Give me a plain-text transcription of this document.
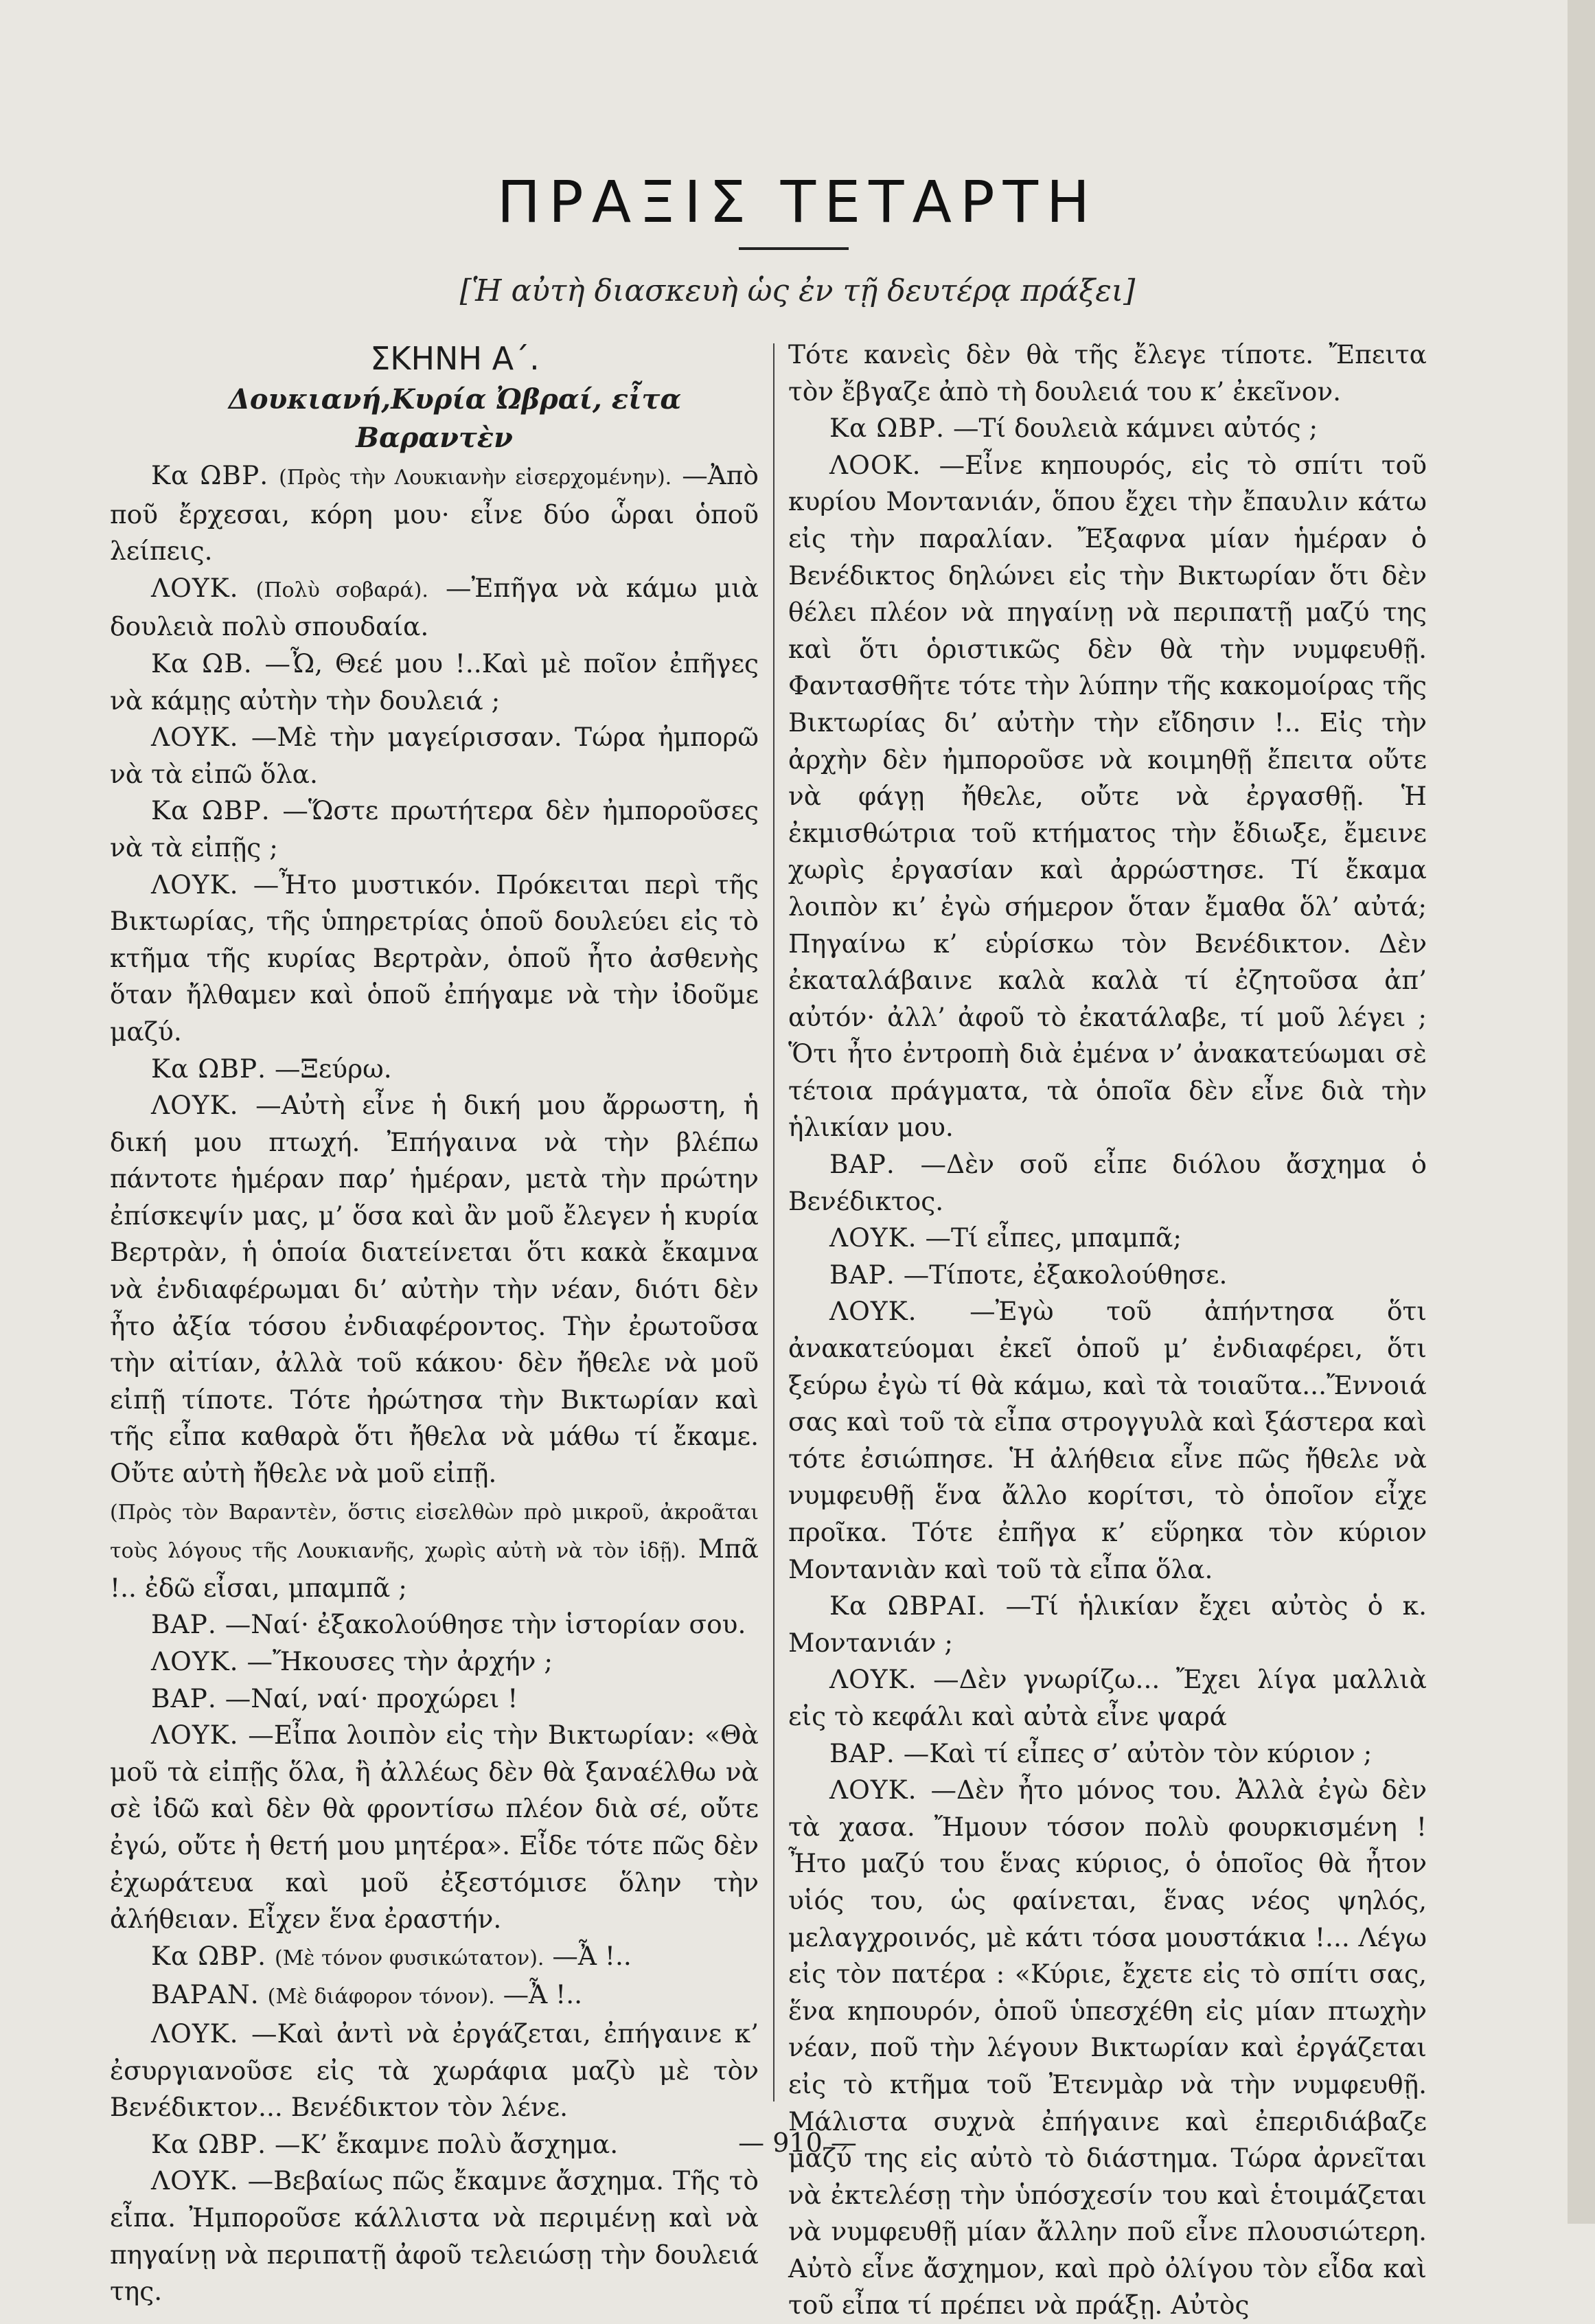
ΠΡΑΞΙΣ ΤΕΤΑΡΤΗ
[Ἡ αὐτὴ διασκευὴ ὡς ἐν τῇ δευτέρᾳ πράξει]

ΣΚΗΝΗ Α΄.

Δουκιανή,Κυρία Ὠβραί, εἶτα Βαραντὲν

Κα ΩΒΡ. (Πρὸς τὴν Λουκιανὴν εἰσερχομένην). —Ἀπὸ ποῦ ἔρχεσαι, κόρη μου· εἶνε δύο ὧραι ὁποῦ λείπεις.

ΛΟΥΚ. (Πολὺ σοβαρά). —Ἐπῆγα νὰ κάμω μιὰ δουλειὰ πολὺ σπουδαία.

Κα ΩΒ. —Ὦ, Θεέ μου !..Καὶ μὲ ποῖον ἐπῆγες νὰ κάμῃς αὐτὴν τὴν δουλειά ;

ΛΟΥΚ. —Μὲ τὴν μαγείρισσαν. Τώρα ἠμπορῶ νὰ τὰ εἰπῶ ὅλα.

Κα ΩΒΡ. —Ὥστε πρωτήτερα δὲν ἠμποροῦσες νὰ τὰ εἰπῇς ;

ΛΟΥΚ. —Ἦτο μυστικόν. Πρόκειται περὶ τῆς Βικτωρίας, τῆς ὑπηρετρίας ὁποῦ δουλεύει εἰς τὸ κτῆμα τῆς κυρίας Βερτρὰν, ὁποῦ ἦτο ἀσθενὴς ὅταν ἤλθαμεν καὶ ὁποῦ ἐπήγαμε νὰ τὴν ἰδοῦμε μαζύ.

Κα ΩΒΡ. —Ξεύρω.

ΛΟΥΚ. —Αὐτὴ εἶνε ἡ δική μου ἄρρωστη, ἡ δική μου πτωχή. Ἐπήγαινα νὰ τὴν βλέπω πάντοτε ἡμέραν παρ’ ἡμέραν, μετὰ τὴν πρώτην ἐπίσκεψίν μας, μ’ ὅσα καὶ ἂν μοῦ ἔλεγεν ἡ κυρία Βερτρὰν, ἡ ὁποία διατείνεται ὅτι κακὰ ἔκαμνα νὰ ἐνδιαφέρωμαι δι’ αὐτὴν τὴν νέαν, διότι δὲν ἦτο ἀξία τόσου ἐνδιαφέροντος. Τὴν ἐρωτοῦσα τὴν αἰτίαν, ἀλλὰ τοῦ κάκου· δὲν ἤθελε νὰ μοῦ εἰπῇ τίποτε. Τότε ἠρώτησα τὴν Βικτωρίαν καὶ τῆς εἶπα καθαρὰ ὅτι ἤθελα νὰ μάθω τί ἔκαμε. Οὔτε αὐτὴ ἤθελε νὰ μοῦ εἰπῇ.

(Πρὸς τὸν Βαραντὲν, ὅστις εἰσελθὼν πρὸ μικροῦ, ἀκροᾶται τοὺς λόγους τῆς Λουκιανῆς, χωρὶς αὐτὴ νὰ τὸν ἰδῇ). Μπᾶ !.. ἐδῶ εἶσαι, μπαμπᾶ ;

ΒΑΡ. —Ναί· ἐξακολούθησε τὴν ἱστορίαν σου.

ΛΟΥΚ. —Ἤκουσες τὴν ἀρχήν ;

ΒΑΡ. —Ναί, ναί· προχώρει !

ΛΟΥΚ. —Εἶπα λοιπὸν εἰς τὴν Βικτωρίαν: «Θὰ μοῦ τὰ εἰπῇς ὅλα, ἢ ἀλλέως δὲν θὰ ξαναέλθω νὰ σὲ ἰδῶ καὶ δὲν θὰ φροντίσω πλέον διὰ σέ, οὔτε ἐγώ, οὔτε ἡ θετή μου μητέρα». Εἶδε τότε πῶς δὲν ἐχωράτευα καὶ μοῦ ἐξεστόμισε ὅλην τὴν ἀλήθειαν. Εἶχεν ἕνα ἐραστήν.

Κα ΩΒΡ. (Μὲ τόνον φυσικώτατον). —Ἆ !..

ΒΑΡΑΝ. (Μὲ διάφορον τόνον). —Ἆ !..

ΛΟΥΚ. —Καὶ ἀντὶ νὰ ἐργάζεται, ἐπήγαινε κ’ ἐσυργιανοῦσε εἰς τὰ χωράφια μαζὺ μὲ τὸν Βενέδικτον... Βενέδικτον τὸν λένε.

Κα ΩΒΡ. —Κ’ ἔκαμνε πολὺ ἄσχημα.

ΛΟΥΚ. —Βεβαίως πῶς ἔκαμνε ἄσχημα. Τῆς τὸ εἶπα. Ἠμποροῦσε κάλλιστα νὰ περιμένῃ καὶ νὰ πηγαίνῃ νὰ περιπατῇ ἀφοῦ τελειώσῃ τὴν δουλειά της.

Τότε κανεὶς δὲν θὰ τῆς ἔλεγε τίποτε. Ἔπειτα τὸν ἔβγαζε ἀπὸ τὴ δουλειά του κ’ ἐκεῖνον.

Κα ΩΒΡ. —Τί δουλειὰ κάμνει αὐτός ;

ΛΟΟΚ. —Εἶνε κηπουρός, εἰς τὸ σπίτι τοῦ κυρίου Μοντανιάν, ὅπου ἔχει τὴν ἔπαυλιν κάτω εἰς τὴν παραλίαν. Ἔξαφνα μίαν ἡμέραν ὁ Βενέδικτος δηλώνει εἰς τὴν Βικτωρίαν ὅτι δὲν θέλει πλέον νὰ πηγαίνῃ νὰ περιπατῇ μαζύ της καὶ ὅτι ὁριστικῶς δὲν θὰ τὴν νυμφευθῇ. Φαντασθῆτε τότε τὴν λύπην τῆς κακομοίρας τῆς Βικτωρίας δι’ αὐτὴν τὴν εἴδησιν !.. Εἰς τὴν ἀρχὴν δὲν ἠμποροῦσε νὰ κοιμηθῇ ἔπειτα οὔτε νὰ φάγῃ ἤθελε, οὔτε νὰ ἐργασθῇ. Ἡ ἐκμισθώτρια τοῦ κτήματος τὴν ἔδιωξε, ἔμεινε χωρὶς ἐργασίαν καὶ ἀρρώστησε. Τί ἔκαμα λοιπὸν κι’ ἐγὼ σήμερον ὅταν ἔμαθα ὅλ’ αὐτά; Πηγαίνω κ’ εὑρίσκω τὸν Βενέδικτον. Δὲν ἐκαταλάβαινε καλὰ καλὰ τί ἐζητοῦσα ἀπ’ αὐτόν· ἀλλ’ ἀφοῦ τὸ ἐκατάλαβε, τί μοῦ λέγει ; Ὅτι ἦτο ἐντροπὴ διὰ ἐμένα ν’ ἀνακατεύωμαι σὲ τέτοια πράγματα, τὰ ὁποῖα δὲν εἶνε διὰ τὴν ἡλικίαν μου.

ΒΑΡ. —Δὲν σοῦ εἶπε διόλου ἄσχημα ὁ Βενέδικτος.

ΛΟΥΚ. —Τί εἶπες, μπαμπᾶ;

ΒΑΡ. —Τίποτε, ἐξακολούθησε.

ΛΟΥΚ. —Ἐγὼ τοῦ ἀπήντησα ὅτι ἀνακατεύομαι ἐκεῖ ὁποῦ μ’ ἐνδιαφέρει, ὅτι ξεύρω ἐγὼ τί θὰ κάμω, καὶ τὰ τοιαῦτα...Ἔννοιά σας καὶ τοῦ τὰ εἶπα στρογγυλὰ καὶ ξάστερα καὶ τότε ἐσιώπησε. Ἡ ἀλήθεια εἶνε πῶς ἤθελε νὰ νυμφευθῇ ἕνα ἄλλο κορίτσι, τὸ ὁποῖον εἶχε προῖκα. Τότε ἐπῆγα κ’ εὕρηκα τὸν κύριον Μοντανιὰν καὶ τοῦ τὰ εἶπα ὅλα.

Κα ΩΒΡΑΙ. —Τί ἡλικίαν ἔχει αὐτὸς ὁ κ. Μοντανιάν ;

ΛΟΥΚ. —Δὲν γνωρίζω... Ἔχει λίγα μαλλιὰ εἰς τὸ κεφάλι καὶ αὐτὰ εἶνε ψαρά

ΒΑΡ. —Καὶ τί εἶπες σ’ αὐτὸν τὸν κύριον ;

ΛΟΥΚ. —Δὲν ἦτο μόνος του. Ἀλλὰ ἐγὼ δὲν τὰ χασα. Ἤμουν τόσον πολὺ φουρκισμένη ! Ἦτο μαζύ του ἕνας κύριος, ὁ ὁποῖος θὰ ἦτον υἱός του, ὡς φαίνεται, ἕνας νέος ψηλός, μελαγχροινός, μὲ κάτι τόσα μουστάκια !... Λέγω εἰς τὸν πατέρα : «Κύριε, ἔχετε εἰς τὸ σπίτι σας, ἕνα κηπουρόν, ὁποῦ ὑπεσχέθη εἰς μίαν πτωχὴν νέαν, ποῦ τὴν λέγουν Βικτωρίαν καὶ ἐργάζεται εἰς τὸ κτῆμα τοῦ Ἐτενμὰρ νὰ τὴν νυμφευθῇ. Μάλιστα συχνὰ ἐπήγαινε καὶ ἐπεριδιάβαζε μαζύ της εἰς αὐτὸ τὸ διάστημα. Τώρα ἀρνεῖται νὰ ἐκτελέσῃ τὴν ὑπόσχεσίν του καὶ ἑτοιμάζεται νὰ νυμφευθῇ μίαν ἄλλην ποῦ εἶνε πλουσιώτερη. Αὐτὸ εἶνε ἄσχημον, καὶ πρὸ ὀλίγου τὸν εἶδα καὶ τοῦ εἶπα τί πρέπει νὰ πράξῃ. Αὐτὸς

— 910 —
